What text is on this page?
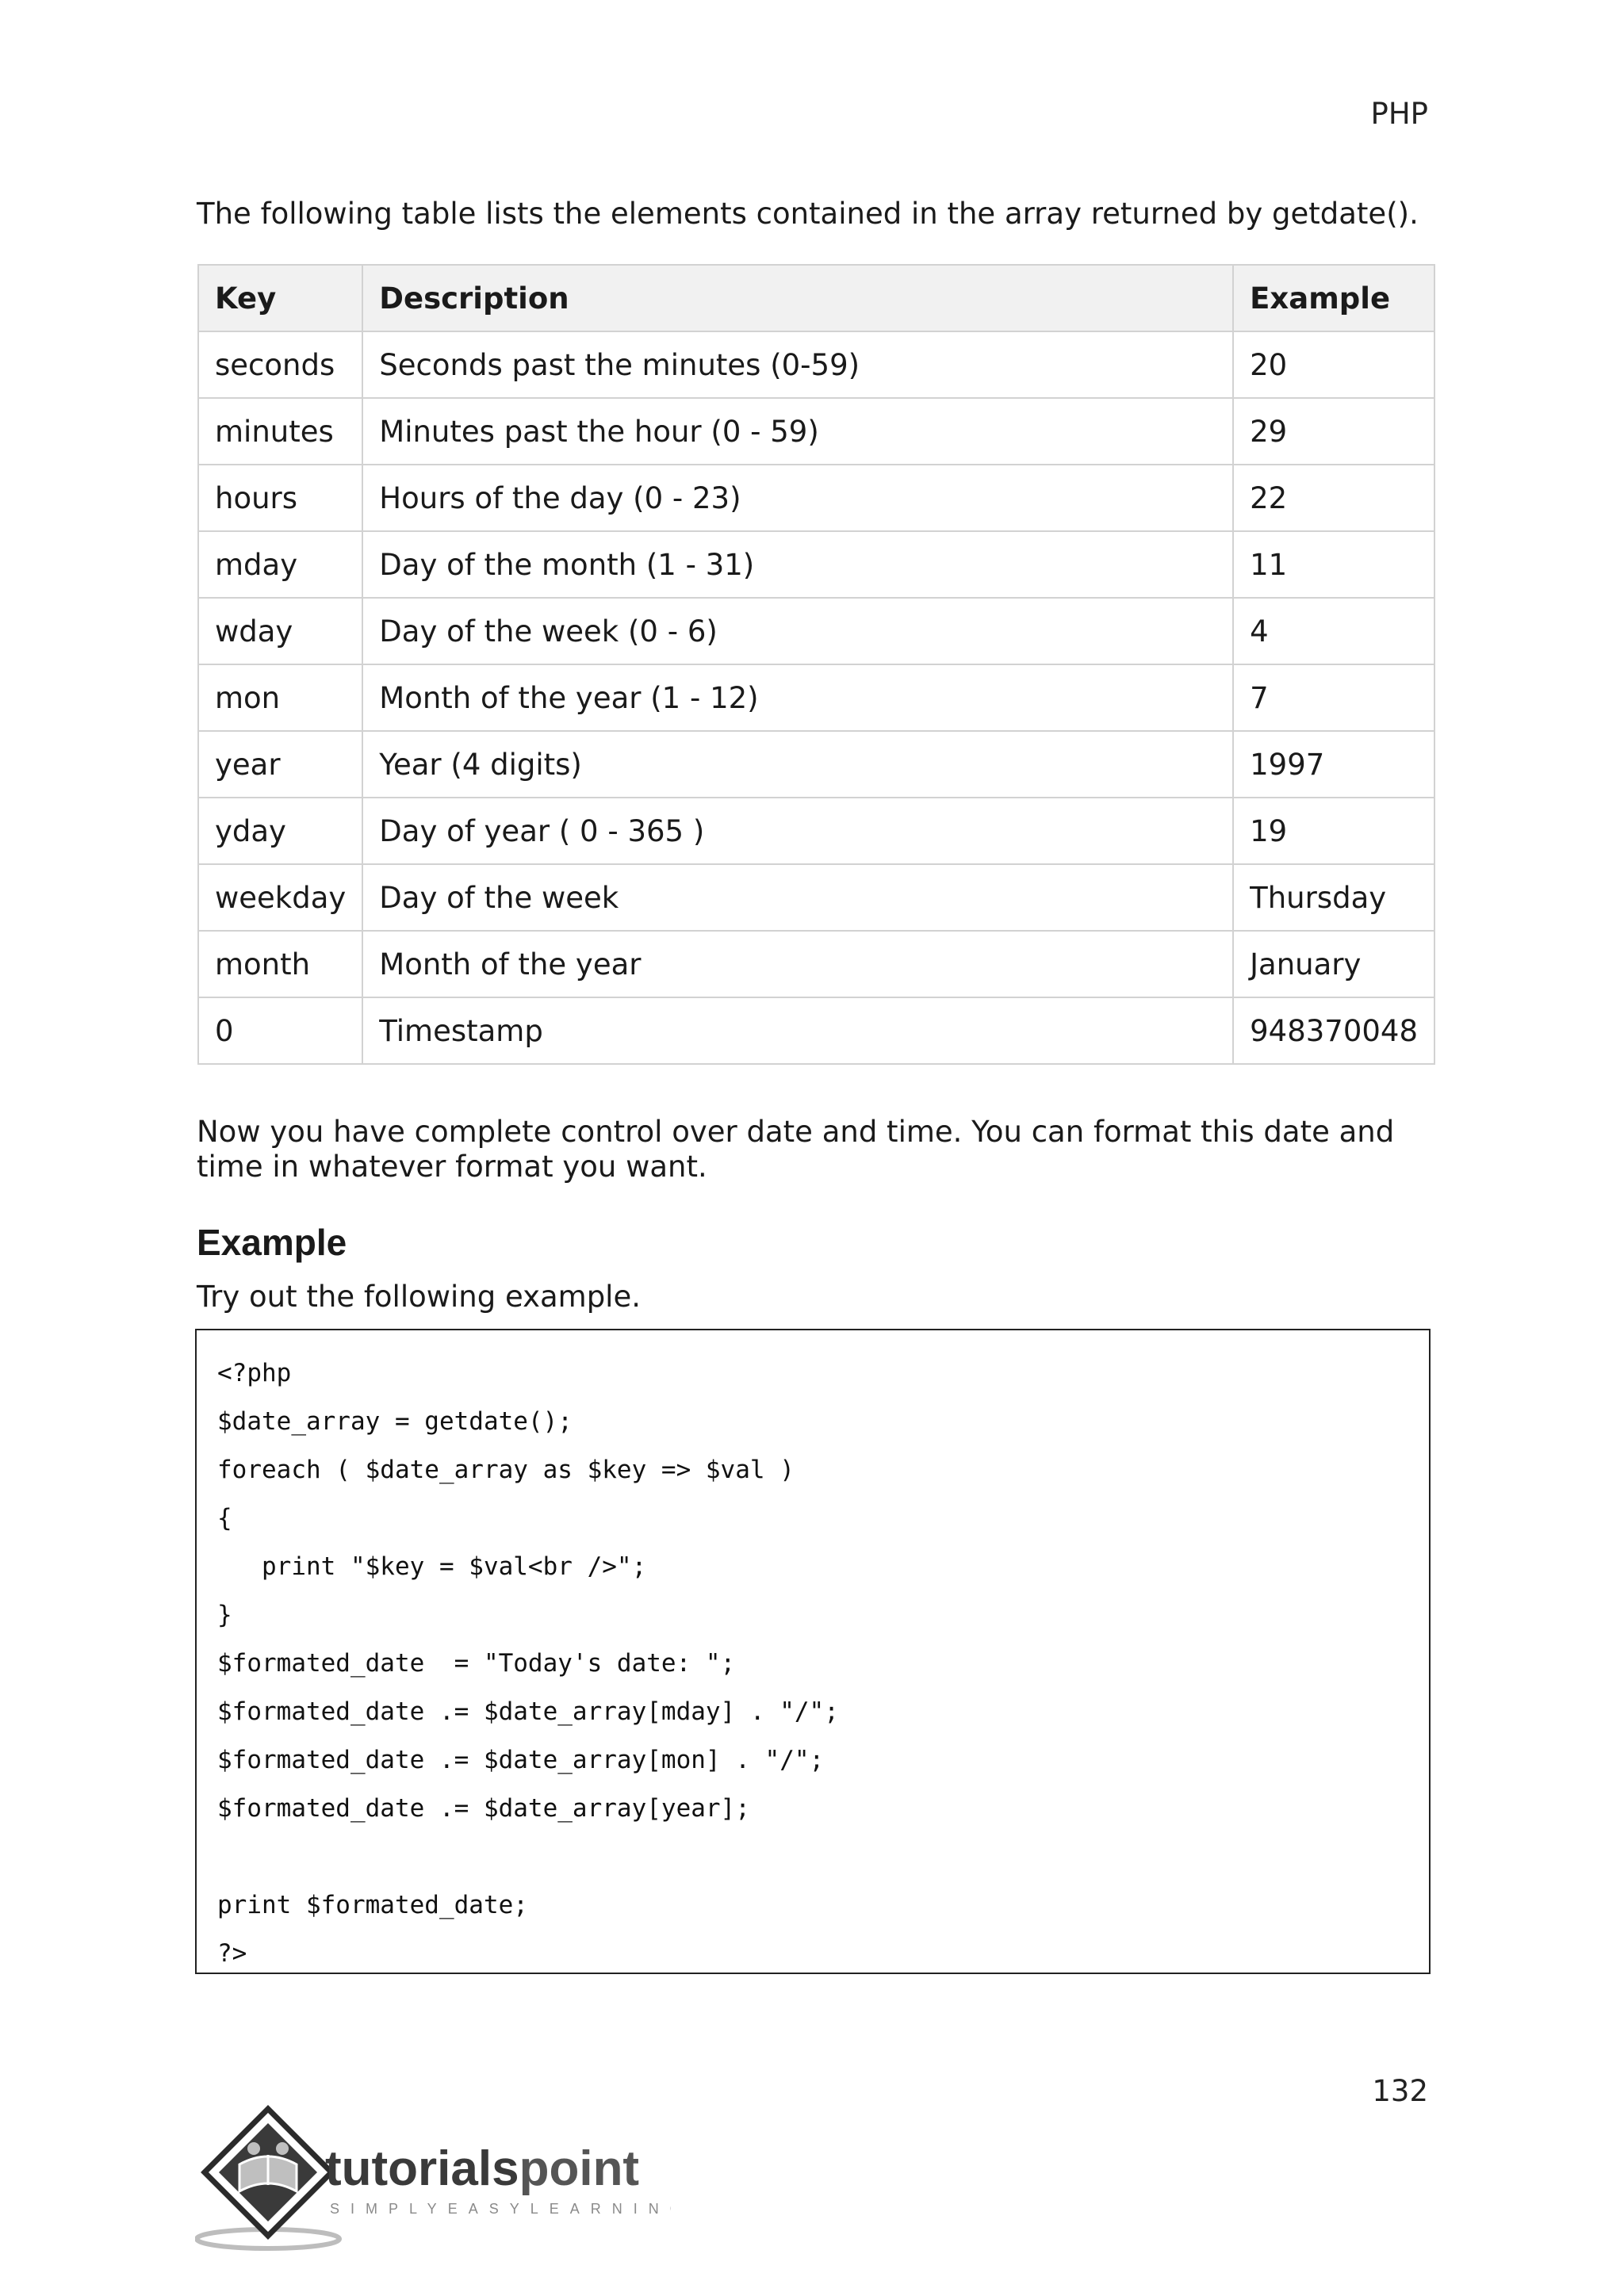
PHP
The following table lists the elements contained in the array returned by getdate().
Key	Description	Example
seconds	Seconds past the minutes (0-59)	20
minutes	Minutes past the hour (0 - 59)	29
hours	Hours of the day (0 - 23)	22
mday	Day of the month (1 - 31)	11
wday	Day of the week (0 - 6)	4
mon	Month of the year (1 - 12)	7
year	Year (4 digits)	1997
yday	Day of year ( 0 - 365 )	19
weekday	Day of the week	Thursday
month	Month of the year	January
0	Timestamp	948370048
Now you have complete control over date and time. You can format this date and time in whatever format you want.
Example
Try out the following example.
<?php
$date_array = getdate();
foreach ( $date_array as $key => $val )
{
print "$key = $val<br />";
}
$formated_date  = "Today's date: ";
$formated_date .= $date_array[mday] . "/";
$formated_date .= $date_array[mon] . "/";
$formated_date .= $date_array[year];

print $formated_date;
?>

132
tutorialspoint
SIMPLYEASYLEARNING
